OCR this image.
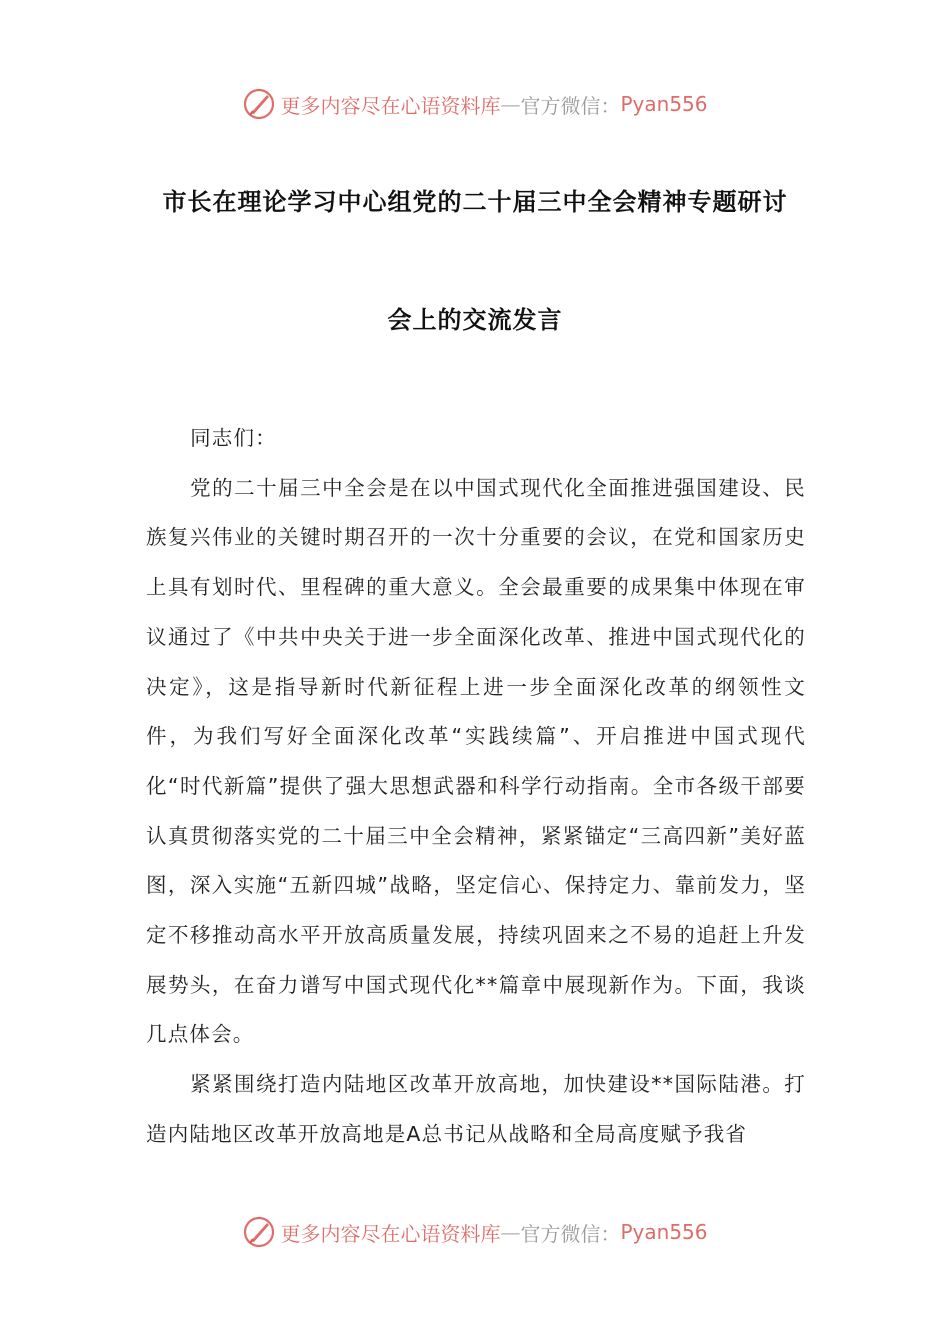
更多内容尽在心语资料库 — 官方微信： Pyan556
市长在理论学习中心组党的二十届三中全会精神专题研讨
会上的交流发言

同志们：

党的二十届三中全会是在以中国式现代化全面推进强国建设、民族复兴伟业的关键时期召开的一次十分重要的会议，在党和国家历史上具有划时代、里程碑的重大意义。全会最重要的成果集中体现在审议通过了《中共中央关于进一步全面深化改革、推进中国式现代化的决定》，这是指导新时代新征程上进一步全面深化改革的纲领性文件，为我们写好全面深化改革“实践续篇”、开启推进中国式现代化“时代新篇”提供了强大思想武器和科学行动指南。全市各级干部要认真贯彻落实党的二十届三中全会精神，紧紧锚定“三高四新”美好蓝图，深入实施“五新四城”战略，坚定信心、保持定力、靠前发力，坚定不移推动高水平开放高质量发展，持续巩固来之不易的追赶上升发展势头，在奋力谱写中国式现代化**篇章中展现新作为。下面，我谈几点体会。

紧紧围绕打造内陆地区改革开放高地，加快建设**国际陆港。打造内陆地区改革开放高地是A总书记从战略和全局高度赋予我省

更多内容尽在心语资料库 — 官方微信： Pyan556
